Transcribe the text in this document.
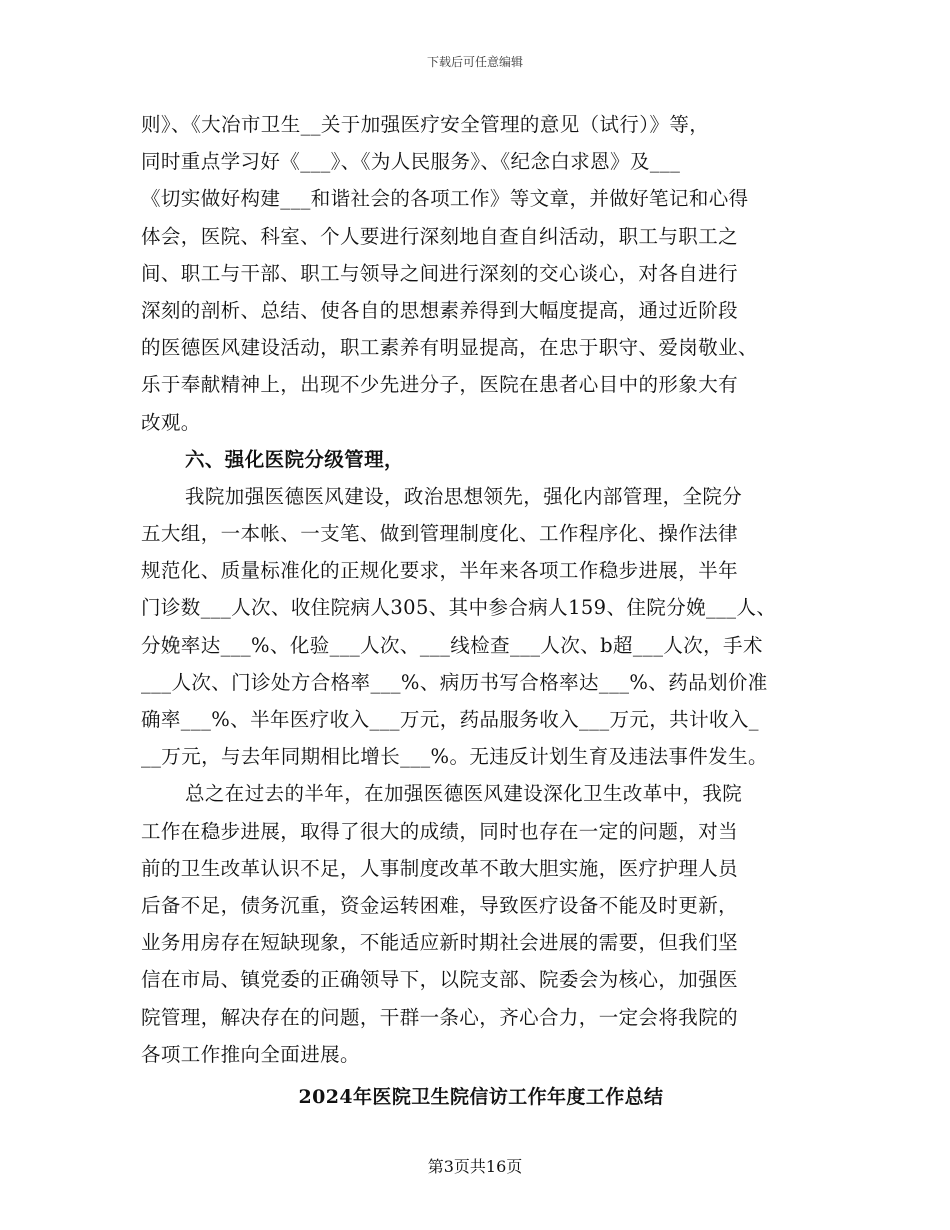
下载后可任意编辑
则》、《大冶市卫生__关于加强医疗安全管理的意见（试行）》等，
同时重点学习好《___》、《为人民服务》、《纪念白求恩》及___
《切实做好构建___和谐社会的各项工作》等文章，并做好笔记和心得
体会，医院、科室、个人要进行深刻地自查自纠活动，职工与职工之
间、职工与干部、职工与领导之间进行深刻的交心谈心，对各自进行
深刻的剖析、总结、使各自的思想素养得到大幅度提高，通过近阶段
的医德医风建设活动，职工素养有明显提高，在忠于职守、爱岗敬业、
乐于奉献精神上，出现不少先进分子，医院在患者心目中的形象大有
改观。
六、强化医院分级管理，
我院加强医德医风建设，政治思想领先，强化内部管理，全院分
五大组，一本帐、一支笔、做到管理制度化、工作程序化、操作法律
规范化、质量标准化的正规化要求，半年来各项工作稳步进展，半年
门诊数___人次、收住院病人305、其中参合病人159、住院分娩___人、
分娩率达___%、化验___人次、___线检查___人次、b超___人次，手术
___人次、门诊处方合格率___%、病历书写合格率达___%、药品划价准
确率___%、半年医疗收入___万元，药品服务收入___万元，共计收入_
__万元，与去年同期相比增长___%。无违反计划生育及违法事件发生。
总之在过去的半年，在加强医德医风建设深化卫生改革中，我院
工作在稳步进展，取得了很大的成绩，同时也存在一定的问题，对当
前的卫生改革认识不足，人事制度改革不敢大胆实施，医疗护理人员
后备不足，债务沉重，资金运转困难，导致医疗设备不能及时更新，
业务用房存在短缺现象，不能适应新时期社会进展的需要，但我们坚
信在市局、镇党委的正确领导下，以院支部、院委会为核心，加强医
院管理，解决存在的问题，干群一条心，齐心合力，一定会将我院的
各项工作推向全面进展。
2024年医院卫生院信访工作年度工作总结
第3页共16页
